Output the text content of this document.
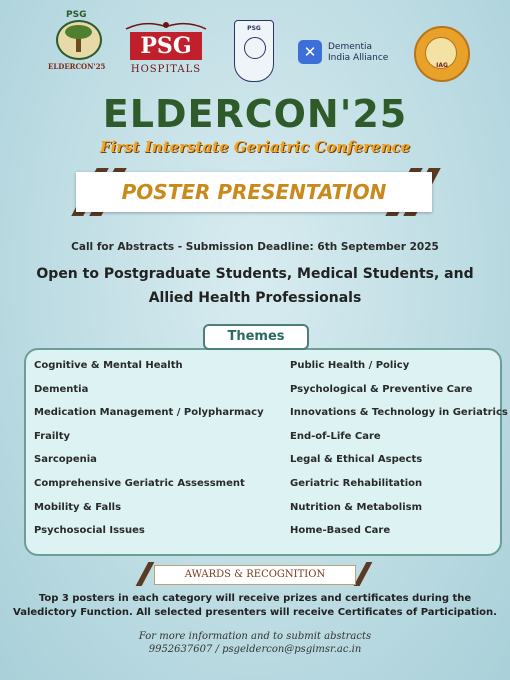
PSG
ELDERCON'25
PSG
HOSPITALS
PSG
✕	Dementia
India Alliance
IAG
ELDERCON'25
First Interstate Geriatric Conference
POSTER PRESENTATION
Call for Abstracts - Submission Deadline: 6th September 2025
Open to Postgraduate Students, Medical Students, and Allied Health Professionals
Themes
Cognitive & Mental Health
Dementia
Medication Management / Polypharmacy
Frailty
Sarcopenia
Comprehensive Geriatric Assessment
Mobility & Falls
Psychosocial Issues
Public Health / Policy
Psychological & Preventive Care
Innovations & Technology in Geriatrics
End-of-Life Care
Legal & Ethical Aspects
Geriatric Rehabilitation
Nutrition & Metabolism
Home-Based Care
AWARDS & RECOGNITION
Top 3 posters in each category will receive prizes and certificates during the Valedictory Function. All selected presenters will receive Certificates of Participation.
For more information and to submit abstracts
9952637607 / psgeldercon@psgimsr.ac.in
